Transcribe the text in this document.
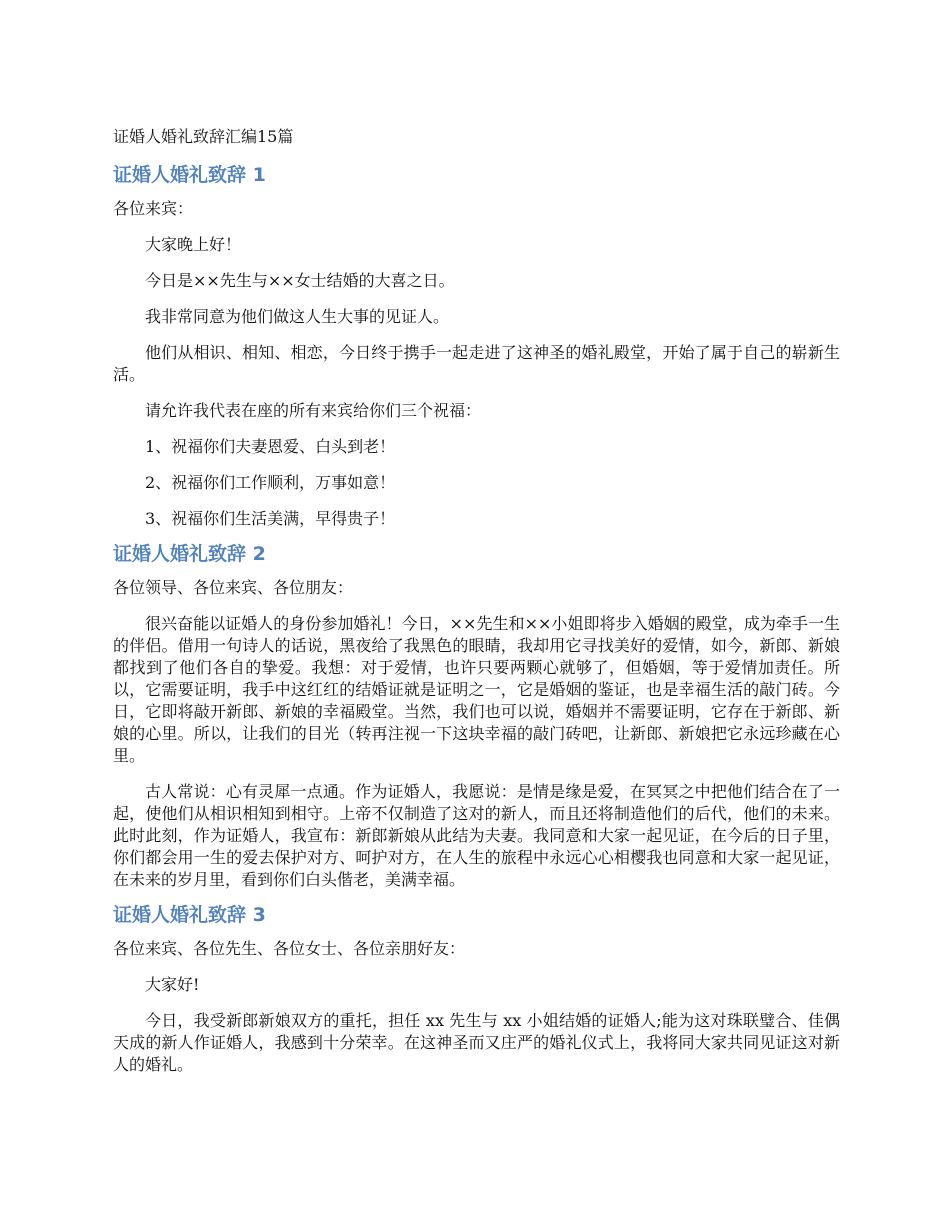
证婚人婚礼致辞汇编15篇
证婚人婚礼致辞 1
各位来宾：
大家晚上好！
今日是××先生与××女士结婚的大喜之日。
我非常同意为他们做这人生大事的见证人。
他们从相识、相知、相恋，今日终于携手一起走进了这神圣的婚礼殿堂，开始了属于自己的崭新生活。
请允许我代表在座的所有来宾给你们三个祝福：
1、祝福你们夫妻恩爱、白头到老！
2、祝福你们工作顺利，万事如意！
3、祝福你们生活美满，早得贵子！
证婚人婚礼致辞 2
各位领导、各位来宾、各位朋友：
很兴奋能以证婚人的身份参加婚礼！今日，××先生和××小姐即将步入婚姻的殿堂，成为牵手一生的伴侣。借用一句诗人的话说，黑夜给了我黑色的眼睛，我却用它寻找美好的爱情，如今，新郎、新娘都找到了他们各自的挚爱。我想：对于爱情，也许只要两颗心就够了，但婚姻，等于爱情加责任。所以，它需要证明，我手中这红红的结婚证就是证明之一，它是婚姻的鉴证，也是幸福生活的敲门砖。今日，它即将敲开新郎、新娘的幸福殿堂。当然，我们也可以说，婚姻并不需要证明，它存在于新郎、新娘的心里。所以，让我们的目光（转再注视一下这块幸福的敲门砖吧，让新郎、新娘把它永远珍藏在心里。
古人常说：心有灵犀一点通。作为证婚人，我愿说：是情是缘是爱，在冥冥之中把他们结合在了一起，使他们从相识相知到相守。上帝不仅制造了这对的新人，而且还将制造他们的后代，他们的未来。此时此刻，作为证婚人，我宣布：新郎新娘从此结为夫妻。我同意和大家一起见证，在今后的日子里，你们都会用一生的爱去保护对方、呵护对方，在人生的旅程中永远心心相樱我也同意和大家一起见证，在未来的岁月里，看到你们白头偕老，美满幸福。
证婚人婚礼致辞 3
各位来宾、各位先生、各位女士、各位亲朋好友：
大家好!
今日，我受新郎新娘双方的重托，担任 xx 先生与 xx 小姐结婚的证婚人;能为这对珠联璧合、佳偶天成的新人作证婚人，我感到十分荣幸。在这神圣而又庄严的婚礼仪式上，我将同大家共同见证这对新人的婚礼。
